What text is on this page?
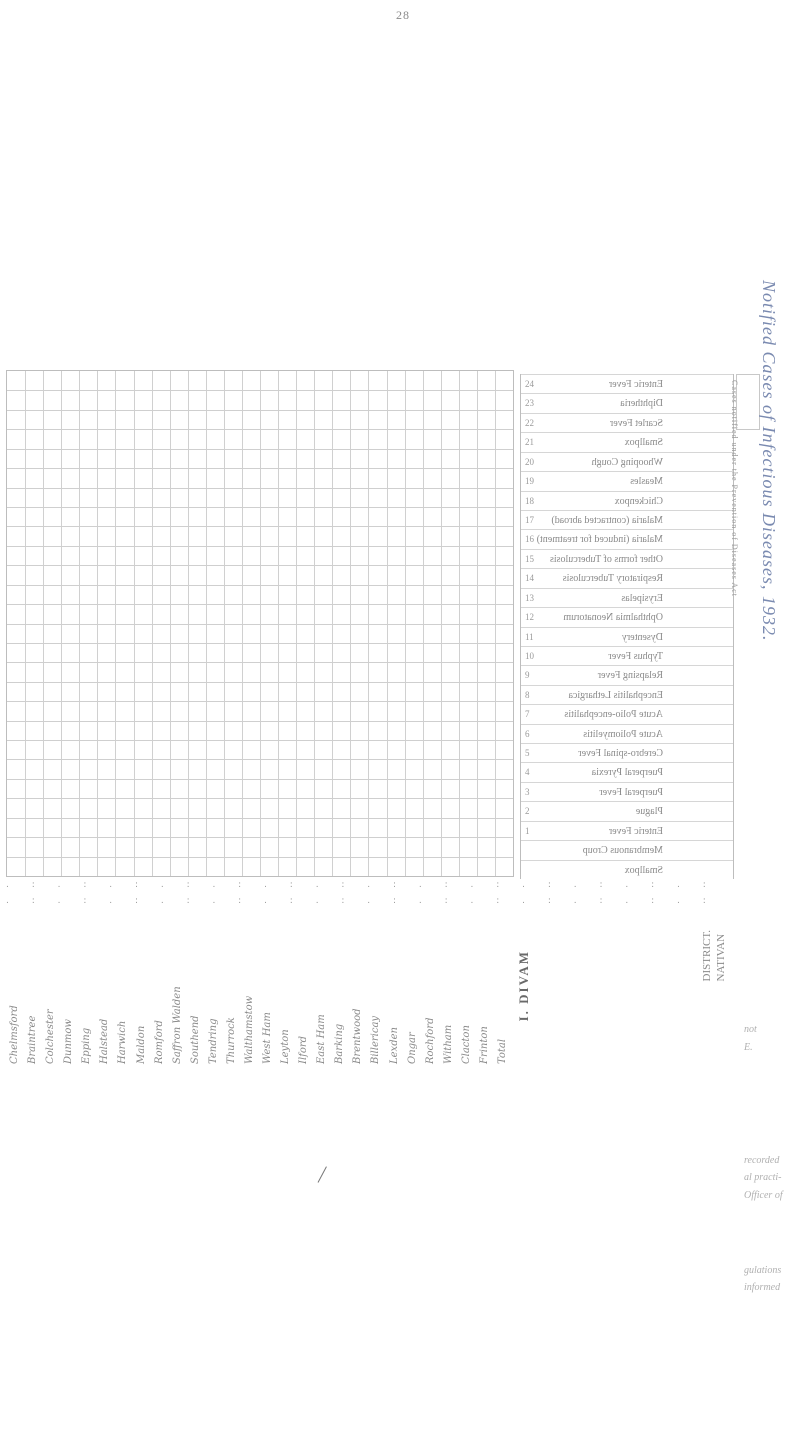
28
. : . : . : . : . : . : . : . : . : . : . : . : . : . :
. : . : . : . : . : . : . : . : . : . : . : . : . : . :
Chelmsford Braintree Colchester Dunmow Epping Halstead Harwich Maldon Romford Saffron Walden Southend Tendring Thurrock Walthamstow West Ham Leyton Ilford East Ham Barking Brentwood Billericay Lexden Ongar Rochford Witham Clacton Frinton Total
I. DIVAM
24	Enteric Fever
23	Diphtheria
22	Scarlet Fever
21	Smallpox
20	Whooping Cough
19	Measles
18	Chickenpox
17 Malaria (contracted abroad)
16 Malaria (induced for treatment)
15 Other forms of Tuberculosis
14	Respiratory Tuberculosis
13	Erysipelas
12	Ophthalmia Neonatorum
11	Dysentery
10	Typhus Fever
9	Relapsing Fever
8	Encephalitis Lethargica
7	Acute Polio-encephalitis
6	Acute Poliomyelitis
5	Cerebro-spinal Fever
4	Puerperal Pyrexia
3	Puerperal Fever
2	Plague
1	Enteric Fever
Membranous Croup
Smallpox
DISTRICT.
NATIVAN
Cases notified under the Prevention of Diseases Act Notified Cases of Infectious Diseases, 1932.
not
E.
recorded
al practi-
Officer of
gulations
informed
